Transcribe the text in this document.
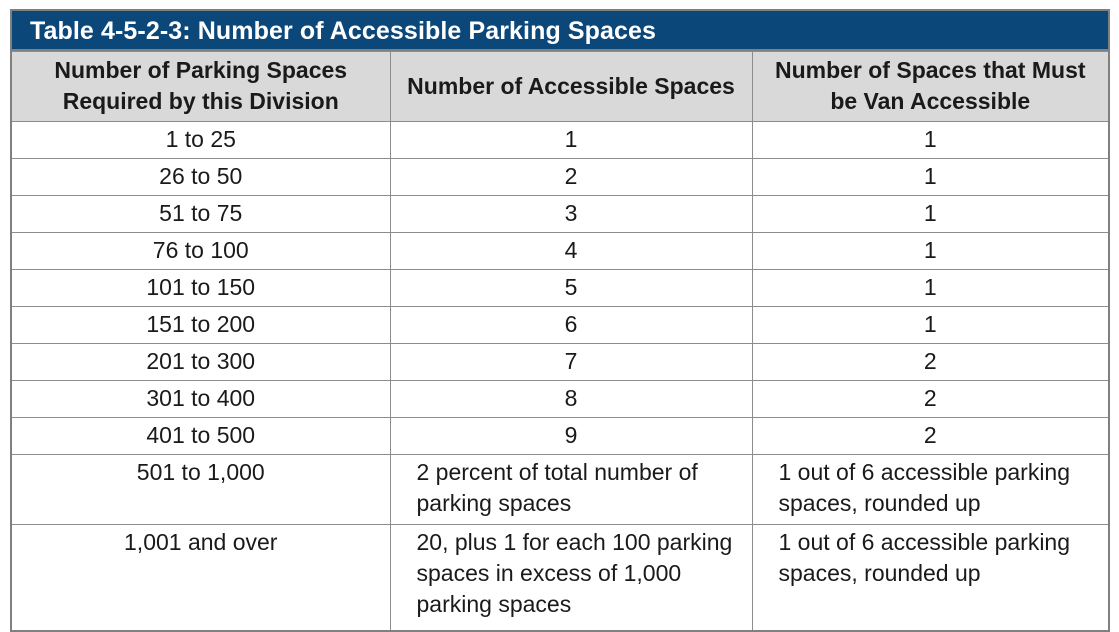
Table 4-5-2-3: Number of Accessible Parking Spaces
Number of Parking Spaces Required by this Division	Number of Accessible Spaces	Number of Spaces that Must be Van Accessible
1 to 25	1	1
26 to 50	2	1
51 to 75	3	1
76 to 100	4	1
101 to 150	5	1
151 to 200	6	1
201 to 300	7	2
301 to 400	8	2
401 to 500	9	2
501 to 1,000	2 percent of total number of parking spaces	1 out of 6 accessible parking spaces, rounded up
1,001 and over	20, plus 1 for each 100 parking spaces in excess of 1,000 parking spaces	1 out of 6 accessible parking spaces, rounded up
